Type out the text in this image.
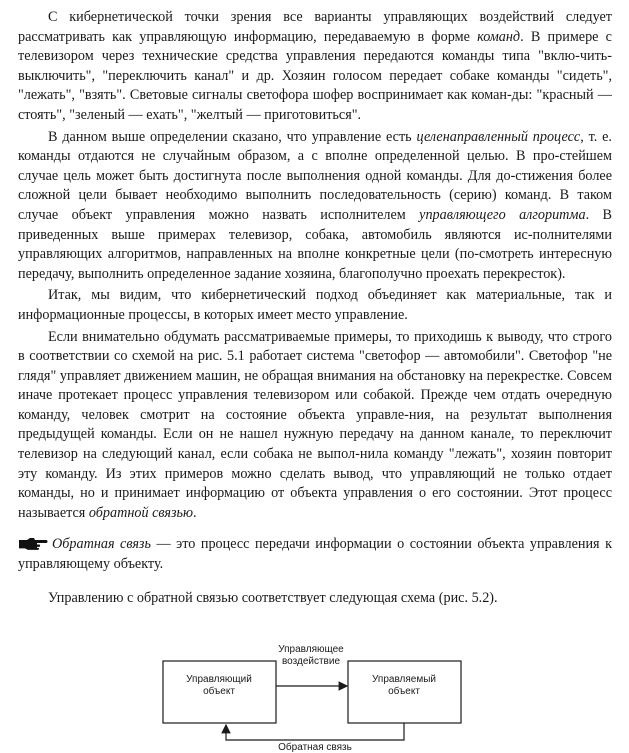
С кибернетической точки зрения все варианты управляющих воздействий следует рассматривать как управляющую информацию, передаваемую в форме команд. В примере с телевизором через технические средства управления передаются команды типа "вклю-чить-выключить", "переключить канал" и др. Хозяин голосом передает собаке команды "сидеть", "лежать", "взять". Световые сигналы светофора шофер воспринимает как коман-ды: "красный — стоять", "зеленый — ехать", "желтый — приготовиться".

В данном выше определении сказано, что управление есть целенаправленный процесс, т. е. команды отдаются не случайным образом, а с вполне определенной целью. В про-стейшем случае цель может быть достигнута после выполнения одной команды. Для до-стижения более сложной цели бывает необходимо выполнить последовательность (серию) команд. В таком случае объект управления можно назвать исполнителем управляющего алгоритма. В приведенных выше примерах телевизор, собака, автомобиль являются ис-полнителями управляющих алгоритмов, направленных на вполне конкретные цели (по-смотреть интересную передачу, выполнить определенное задание хозяина, благополучно проехать перекресток).

Итак, мы видим, что кибернетический подход объединяет как материальные, так и информационные процессы, в которых имеет место управление.

Если внимательно обдумать рассматриваемые примеры, то приходишь к выводу, что строго в соответствии со схемой на рис. 5.1 работает система "светофор — автомобили". Светофор "не глядя" управляет движением машин, не обращая внимания на обстановку на перекрестке. Совсем иначе протекает процесс управления телевизором или собакой. Прежде чем отдать очередную команду, человек смотрит на состояние объекта управле-ния, на результат выполнения предыдущей команды. Если он не нашел нужную передачу на данном канале, то переключит телевизор на следующий канал, если собака не выпол-нила команду "лежать", хозяин повторит эту команду. Из этих примеров можно сделать вывод, что управляющий не только отдает команды, но и принимает информацию от объекта управления о его состоянии. Этот процесс называется обратной связью.

Обратная связь — это процесс передачи информации о состоянии объекта управления к управляющему объекту.

Управлению с обратной связью соответствует следующая схема (рис. 5.2).

Управляющий
объект
Управляемый
объект
Управляющее
воздействие
Обратная связь
